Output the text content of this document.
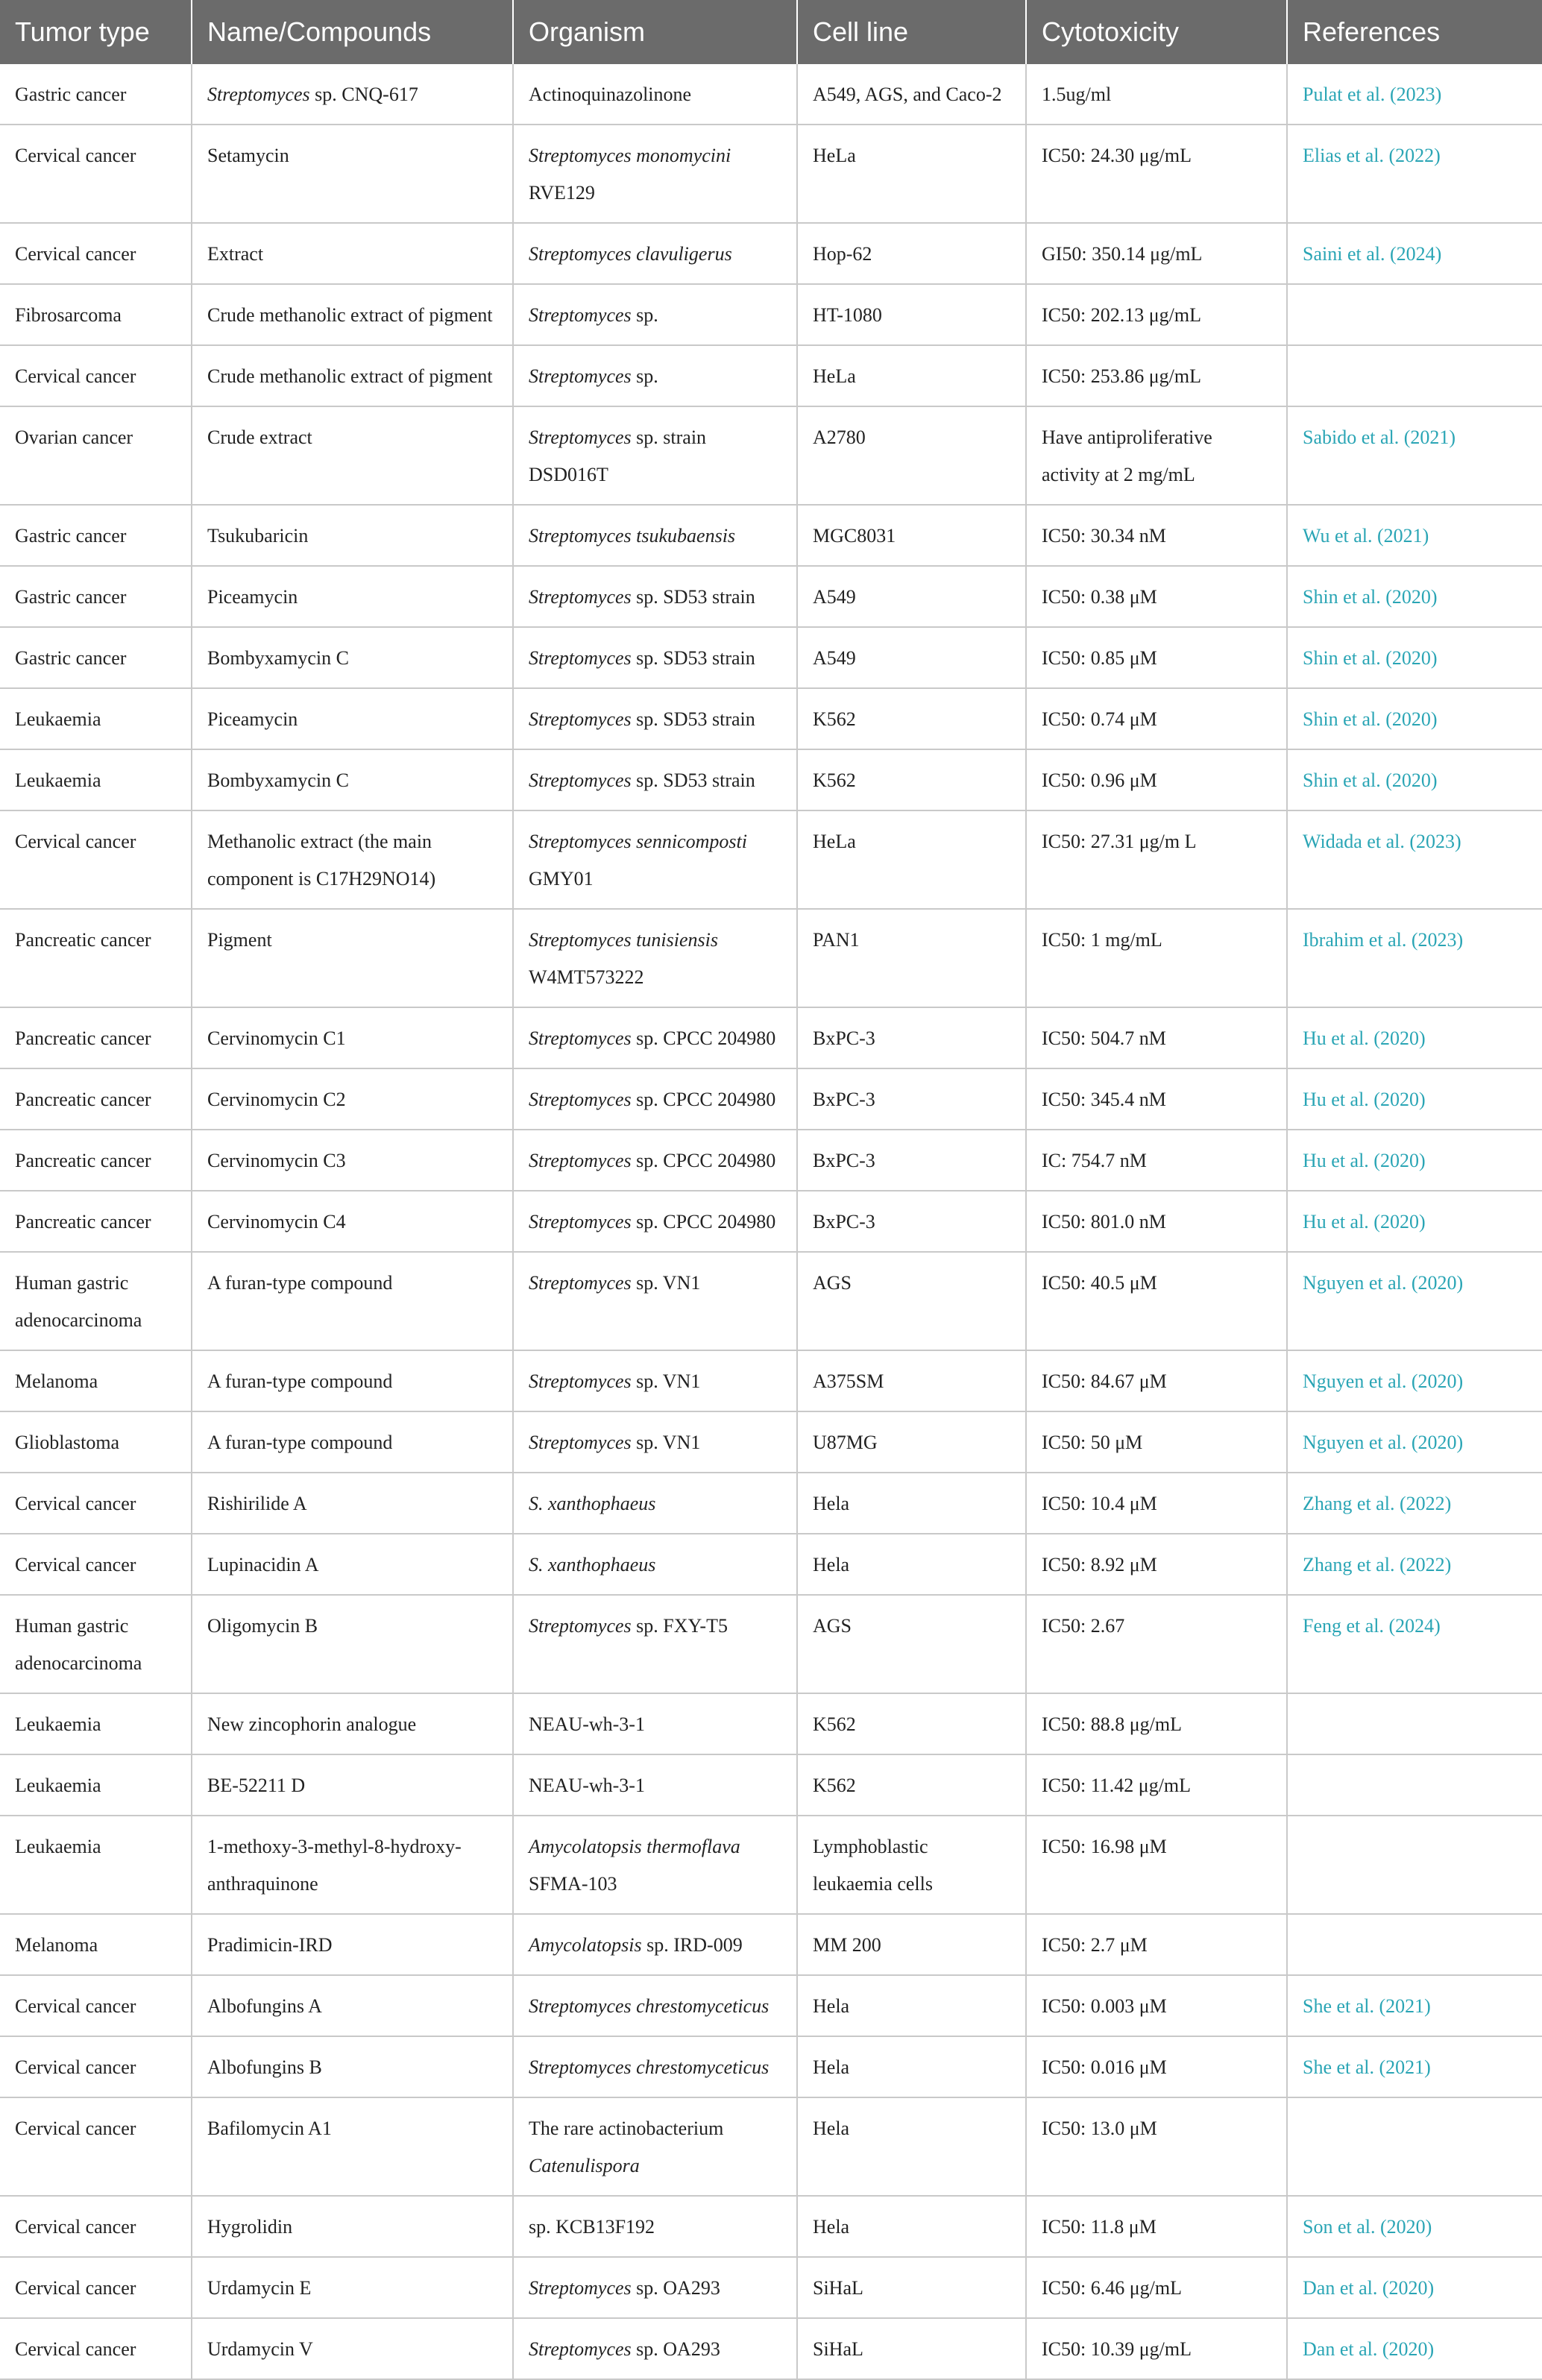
Tumor type	Name/Compounds	Organism	Cell line	Cytotoxicity	References
Gastric cancer	Streptomyces sp. CNQ-617	Actinoquinazolinone	A549, AGS, and Caco-2	1.5ug/ml	Pulat et al. (2023)
Cervical cancer	Setamycin	Streptomyces monomycini RVE129	HeLa	IC50: 24.30 μg/mL	Elias et al. (2022)
Cervical cancer	Extract	Streptomyces clavuligerus	Hop-62	GI50: 350.14 μg/mL	Saini et al. (2024)
Fibrosarcoma	Crude methanolic extract of pigment	Streptomyces sp.	HT-1080	IC50: 202.13 μg/mL	
Cervical cancer	Crude methanolic extract of pigment	Streptomyces sp.	HeLa	IC50: 253.86 μg/mL	
Ovarian cancer	Crude extract	Streptomyces sp. strain DSD016T	A2780	Have antiproliferative activity at 2 mg/mL	Sabido et al. (2021)
Gastric cancer	Tsukubaricin	Streptomyces tsukubaensis	MGC8031	IC50: 30.34 nM	Wu et al. (2021)
Gastric cancer	Piceamycin	Streptomyces sp. SD53 strain	A549	IC50: 0.38 μM	Shin et al. (2020)
Gastric cancer	Bombyxamycin C	Streptomyces sp. SD53 strain	A549	IC50: 0.85 μM	Shin et al. (2020)
Leukaemia	Piceamycin	Streptomyces sp. SD53 strain	K562	IC50: 0.74 μM	Shin et al. (2020)
Leukaemia	Bombyxamycin C	Streptomyces sp. SD53 strain	K562	IC50: 0.96 μM	Shin et al. (2020)
Cervical cancer	Methanolic extract (the main component is C17H29NO14)	Streptomyces sennicomposti GMY01	HeLa	IC50: 27.31 μg/m L	Widada et al. (2023)
Pancreatic cancer	Pigment	Streptomyces tunisiensis W4MT573222	PAN1	IC50: 1 mg/mL	Ibrahim et al. (2023)
Pancreatic cancer	Cervinomycin C1	Streptomyces sp. CPCC 204980	BxPC-3	IC50: 504.7 nM	Hu et al. (2020)
Pancreatic cancer	Cervinomycin C2	Streptomyces sp. CPCC 204980	BxPC-3	IC50: 345.4 nM	Hu et al. (2020)
Pancreatic cancer	Cervinomycin C3	Streptomyces sp. CPCC 204980	BxPC-3	IC: 754.7 nM	Hu et al. (2020)
Pancreatic cancer	Cervinomycin C4	Streptomyces sp. CPCC 204980	BxPC-3	IC50: 801.0 nM	Hu et al. (2020)
Human gastric adenocarcinoma	A furan-type compound	Streptomyces sp. VN1	AGS	IC50: 40.5 μM	Nguyen et al. (2020)
Melanoma	A furan-type compound	Streptomyces sp. VN1	A375SM	IC50: 84.67 μM	Nguyen et al. (2020)
Glioblastoma	A furan-type compound	Streptomyces sp. VN1	U87MG	IC50: 50 μM	Nguyen et al. (2020)
Cervical cancer	Rishirilide A	S. xanthophaeus	Hela	IC50: 10.4 μM	Zhang et al. (2022)
Cervical cancer	Lupinacidin A	S. xanthophaeus	Hela	IC50: 8.92 μM	Zhang et al. (2022)
Human gastric adenocarcinoma	Oligomycin B	Streptomyces sp. FXY-T5	AGS	IC50: 2.67	Feng et al. (2024)
Leukaemia	New zincophorin analogue	NEAU-wh-3-1	K562	IC50: 88.8 μg/mL	
Leukaemia	BE-52211 D	NEAU-wh-3-1	K562	IC50: 11.42 μg/mL	
Leukaemia	1-methoxy-3-methyl-8-hydroxy-anthraquinone	Amycolatopsis thermoflava SFMA-103	Lymphoblastic leukaemia cells	IC50: 16.98 μM	
Melanoma	Pradimicin-IRD	Amycolatopsis sp. IRD-009	MM 200	IC50: 2.7 μM	
Cervical cancer	Albofungins A	Streptomyces chrestomyceticus	Hela	IC50: 0.003 μM	She et al. (2021)
Cervical cancer	Albofungins B	Streptomyces chrestomyceticus	Hela	IC50: 0.016 μM	She et al. (2021)
Cervical cancer	Bafilomycin A1	The rare actinobacterium Catenulispora	Hela	IC50: 13.0 μM	
Cervical cancer	Hygrolidin	sp. KCB13F192	Hela	IC50: 11.8 μM	Son et al. (2020)
Cervical cancer	Urdamycin E	Streptomyces sp. OA293	SiHaL	IC50: 6.46 μg/mL	Dan et al. (2020)
Cervical cancer	Urdamycin V	Streptomyces sp. OA293	SiHaL	IC50: 10.39 μg/mL	Dan et al. (2020)
